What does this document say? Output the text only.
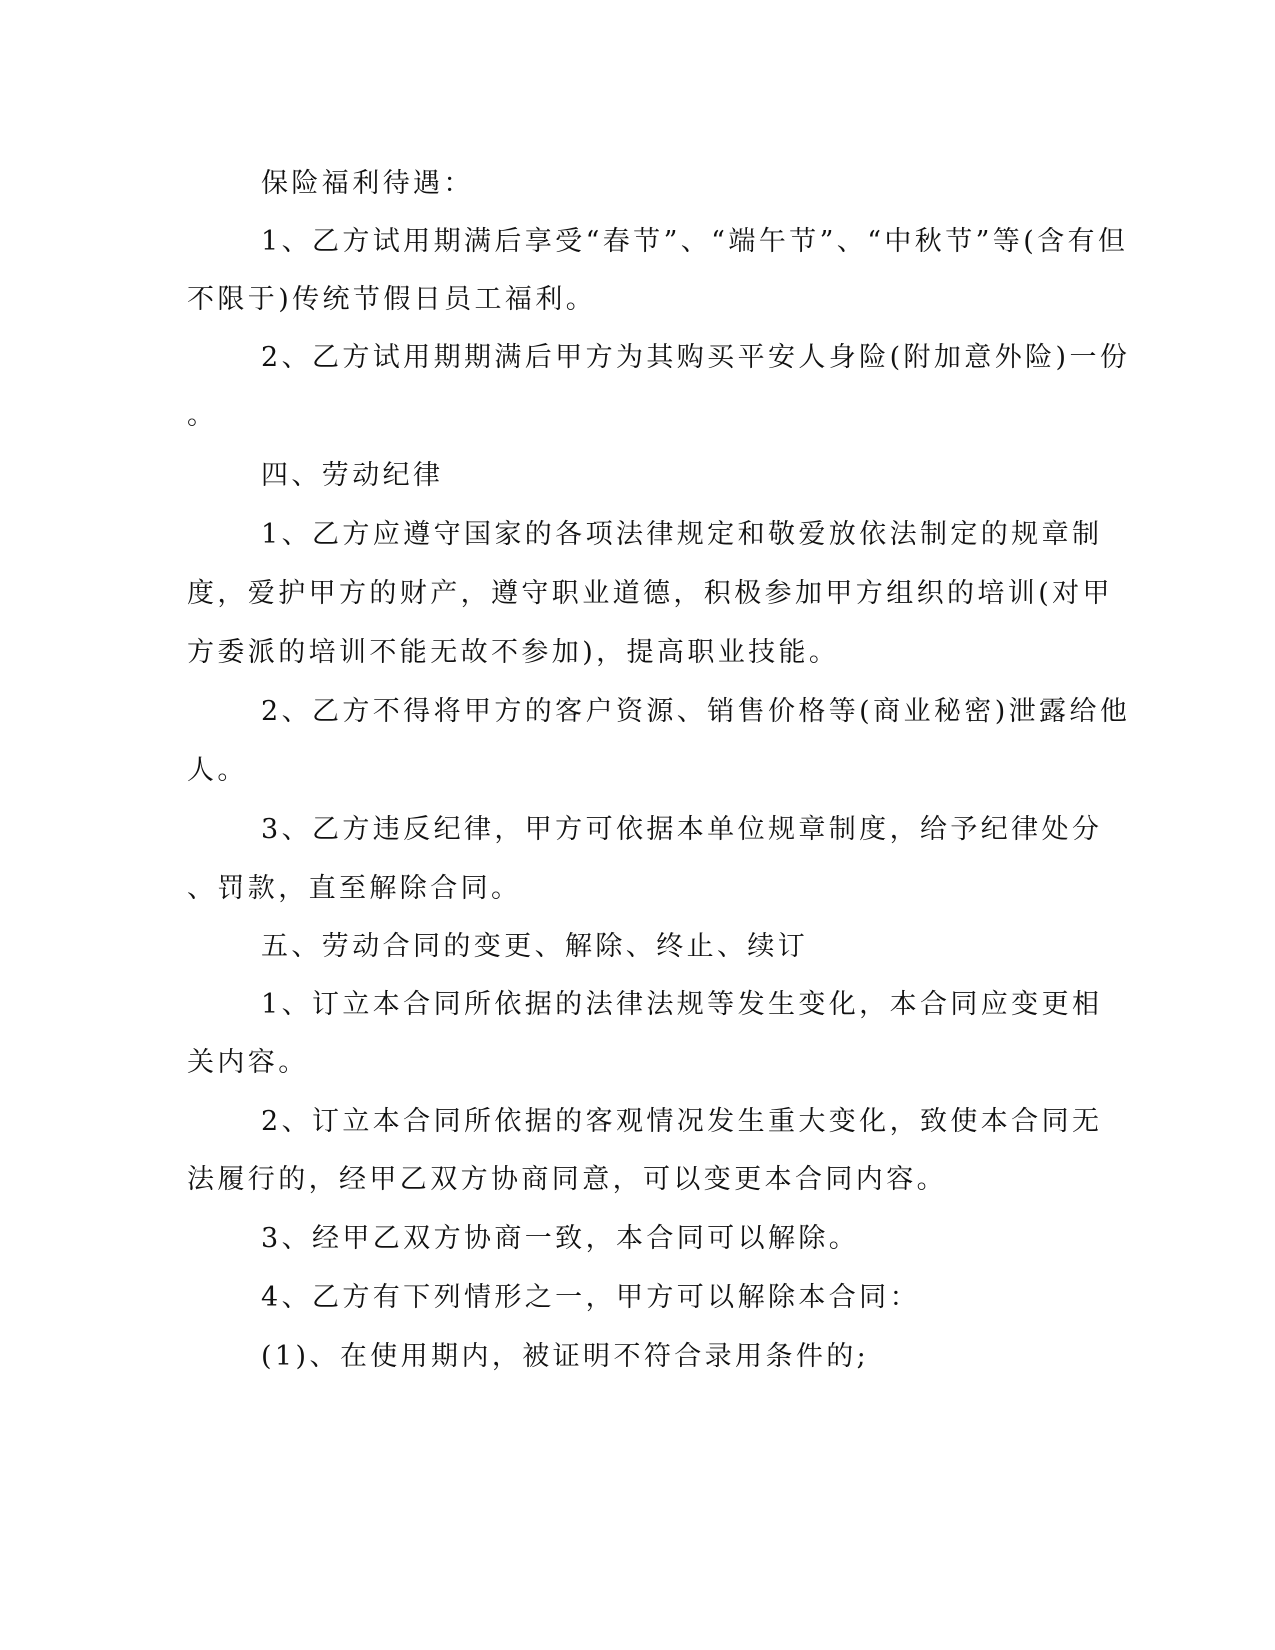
保险福利待遇：
1、乙方试用期满后享受“春节”、“端午节”、“中秋节”等(含有但
不限于)传统节假日员工福利。
2、乙方试用期期满后甲方为其购买平安人身险(附加意外险)一份
。
四、劳动纪律
1、乙方应遵守国家的各项法律规定和敬爱放依法制定的规章制
度，爱护甲方的财产，遵守职业道德，积极参加甲方组织的培训(对甲
方委派的培训不能无故不参加)，提高职业技能。
2、乙方不得将甲方的客户资源、销售价格等(商业秘密)泄露给他
人。
3、乙方违反纪律，甲方可依据本单位规章制度，给予纪律处分
、罚款，直至解除合同。
五、劳动合同的变更、解除、终止、续订
1、订立本合同所依据的法律法规等发生变化，本合同应变更相
关内容。
2、订立本合同所依据的客观情况发生重大变化，致使本合同无
法履行的，经甲乙双方协商同意，可以变更本合同内容。
3、经甲乙双方协商一致，本合同可以解除。
4、乙方有下列情形之一，甲方可以解除本合同：
(1)、在使用期内，被证明不符合录用条件的;
